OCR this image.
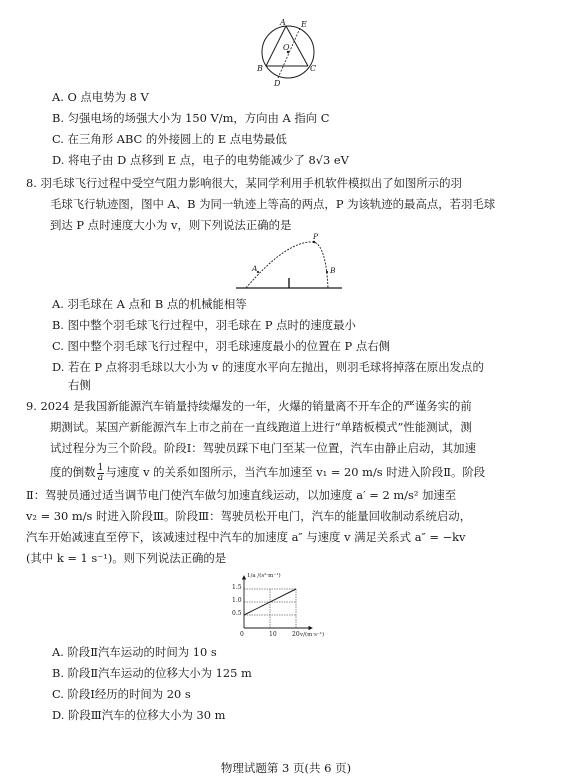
A E
O
B	C
D
A. O 点电势为 8 V
B. 匀强电场的场强大小为 150 V/m，方向由 A 指向 C
C. 在三角形 ABC 的外接圆上的 E 点电势最低
D. 将电子由 D 点移到 E 点，电子的电势能减少了 8√3 eV
8. 羽毛球飞行过程中受空气阻力影响很大，某同学利用手机软件模拟出了如图所示的羽
毛球飞行轨迹图，图中 A、B 为同一轨迹上等高的两点，P 为该轨迹的最高点，若羽毛球
到达 P 点时速度大小为 v，则下列说法正确的是
P
A	B
A. 羽毛球在 A 点和 B 点的机械能相等
B. 图中整个羽毛球飞行过程中，羽毛球在 P 点时的速度最小
C. 图中整个羽毛球飞行过程中，羽毛球速度最小的位置在 P 点右侧
D. 若在 P 点将羽毛球以大小为 v 的速度水平向左抛出，则羽毛球将掉落在原出发点的
右侧
9. 2024 是我国新能源汽车销量持续爆发的一年，火爆的销量离不开车企的严谨务实的前
期测试。某国产新能源汽车上市之前在一直线跑道上进行“单踏板模式”性能测试，测
试过程分为三个阶段。阶段Ⅰ：驾驶员踩下电门至某一位置，汽车由静止启动，其加速
度的倒数 $\frac{1}{a}$ 与速度 v 的关系如图所示，当汽车加速至 v₁ = 20 m/s 时进入阶段Ⅱ。阶段
Ⅱ：驾驶员通过适当调节电门使汽车做匀加速直线运动，以加速度 a′ = 2 m/s² 加速至
v₂ = 30 m/s 时进入阶段Ⅲ。阶段Ⅲ：驾驶员松开电门，汽车的能量回收制动系统启动，
汽车开始减速直至停下，该减速过程中汽车的加速度 a″ 与速度 v 满足关系式 a″ = −kv
(其中 k = 1 s⁻¹)。则下列说法正确的是
1/a /(s²·m⁻¹)
1.5
1.0
0.5
0	10	20 v/(m·s⁻¹)
A. 阶段Ⅱ汽车运动的时间为 10 s
B. 阶段Ⅱ汽车运动的位移大小为 125 m
C. 阶段Ⅰ经历的时间为 20 s
D. 阶段Ⅲ汽车的位移大小为 30 m
物理试题第 3 页(共 6 页)
